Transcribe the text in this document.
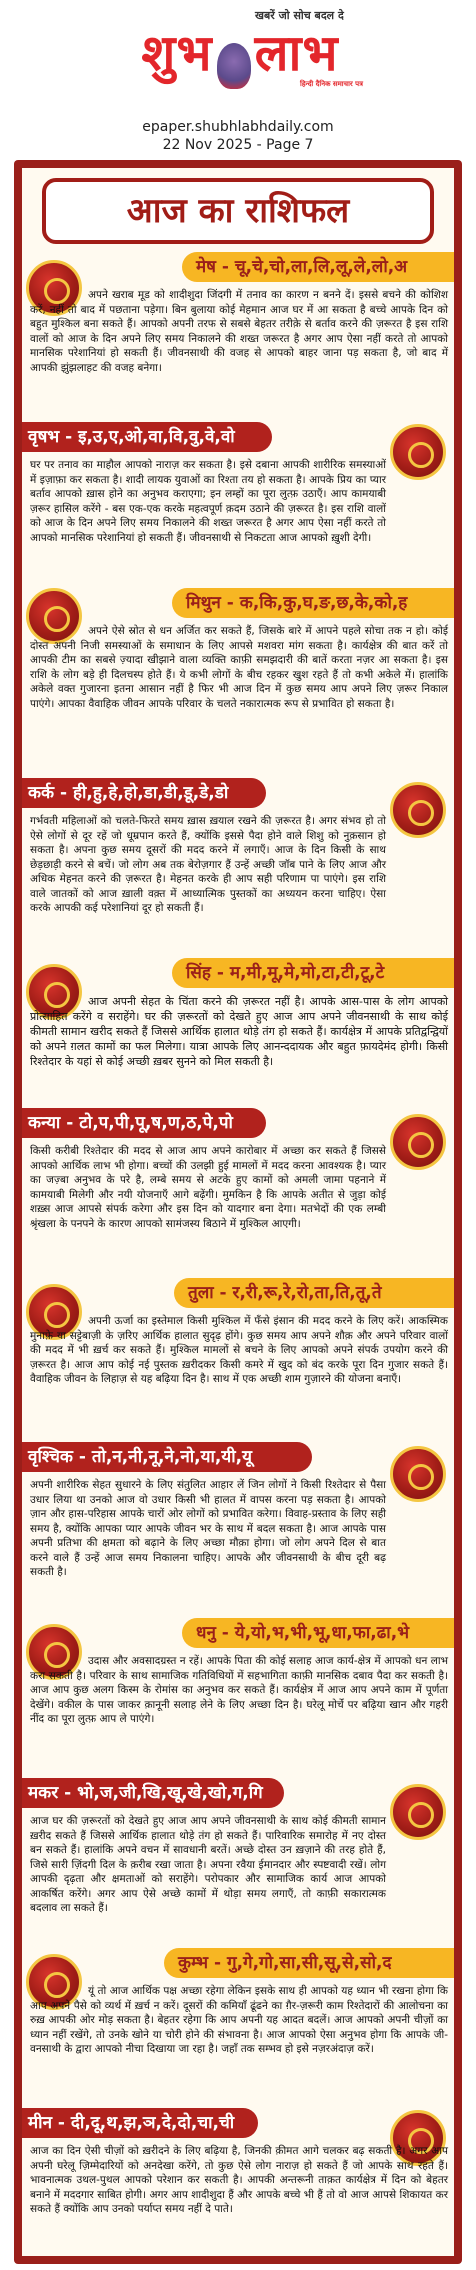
खबरें जो सोच बदल दे
शुभ लाभ
हिन्दी दैनिक समाचार पत्र
epaper.shubhlabhdaily.com
22 Nov 2025 - Page 7
आज का राशिफल
मेष - चू,चे,चो,ला,लि,लू,ले,लो,अ
अपने खराब मूड को शादीशुदा जिंदगी में तनाव का कारण न बनने दें। इससे बचने की कोशिश करें, नहीं तो बाद में पछताना पड़ेगा। बिन बुलाया कोई मेहमान आज घर में आ सकता है बच्चे आपके दिन को बहुत मुश्किल बना सकते हैं। आपको अपनी तरफ से सबसे बेहतर तरीक़े से बर्ताव करने की ज़रूरत है इस राशि वालों को आज के दिन अपने लिए समय निकालने की शख्त जरूरत है अगर आप ऐसा नहीं करते तो आपको मानसिक परेशानियां हो सकती हैं। जीवनसाथी की वजह से आपको बाहर जाना पड़ सकता है, जो बाद में आपकी झुंझलाहट की वजह बनेगा।
वृषभ - इ,उ,ए,ओ,वा,वि,वु,वे,वो
घर पर तनाव का माहौल आपको नाराज़ कर सकता है। इसे दबाना आपकी शारीरिक समस्याओं में इज़ाफ़ा कर सकता है। शादी लायक युवाओं का रिश्ता तय हो सकता है। आपके प्रिय का प्यार बर्ताव आपको ख़ास होने का अनुभव कराएगा; इन लम्हों का पूरा लुत्फ़ उठाएँ। आप कामयाबी ज़रूर हासिल करेंगे - बस एक-एक करके महत्वपूर्ण क़दम उठाने की ज़रूरत है। इस राशि वालों को आज के दिन अपने लिए समय निकालने की शख्त जरूरत है अगर आप ऐसा नहीं करते तो आपको मानसिक परेशानियां हो सकती हैं। जीवनसाथी से निकटता आज आपको ख़ुशी देगी।
मिथुन - क,कि,कु,घ,ङ,छ,के,को,ह
अपने ऐसे स्रोत से धन अर्जित कर सकते हैं, जिसके बारे में आपने पहले सोचा तक न हो। कोई दोस्त अपनी निजी समस्याओं के समाधान के लिए आपसे मशवरा मांग सकता है। कार्यक्षेत्र की बात करें तो आपकी टीम का सबसे ज़्यादा खीझाने वाला व्यक्ति काफ़ी समझदारी की बातें करता नज़र आ सकता है। इस राशि के लोग बड़े ही दिलचस्प होते हैं। ये कभी लोगों के बीच रहकर खुश रहते हैं तो कभी अकेले में। हालांकि अकेले वक्त गुजारना इतना आसान नहीं है फिर भी आज दिन में कुछ समय आप अपने लिए ज़रूर निकाल पाएंगे। आपका वैवाहिक जीवन आपके परिवार के चलते नकारात्मक रूप से प्रभावित हो सकता है।
कर्क - ही,हु,हे,हो,डा,डी,डू,डे,डो
गर्भवती महिलाओं को चलते-फिरते समय ख़ास ख़याल रखने की ज़रूरत है। अगर संभव हो तो ऐसे लोगों से दूर रहें जो धूम्रपान करते हैं, क्योंकि इससे पैदा होने वाले शिशु को नुक़सान हो सकता है। अपना कुछ समय दूसरों की मदद करने में लगाएँ। आज के दिन किसी के साथ छेड़छाड़ी करने से बचें। जो लोग अब तक बेरोज़गार हैं उन्हें अच्छी जॉब पाने के लिए आज और अधिक मेहनत करने की ज़रूरत है। मेहनत करके ही आप सही परिणाम पा पाएंगे। इस राशि वाले जातकों को आज ख़ाली वक़्त में आध्यात्मिक पुस्तकों का अध्ययन करना चाहिए। ऐसा करके आपकी कई परेशानियां दूर हो सकती हैं।
सिंह - म,मी,मू,मे,मो,टा,टी,टू,टे
आज अपनी सेहत के चिंता करने की ज़रूरत नहीं है। आपके आस-पास के लोग आपको प्रोत्साहित करेंगे व सराहेंगे। घर की ज़रूरतों को देखते हुए आज आप अपने जीवनसाथी के साथ कोई कीमती सामान खरीद सकते हैं जिससे आर्थिक हालात थोड़े तंग हो सकते हैं। कार्यक्षेत्र में आपके प्रतिद्वन्द्वियों को अपने ग़लत कामों का फल मिलेगा। यात्रा आपके लिए आनन्ददायक और बहुत फ़ायदेमंद होगी। किसी रिश्तेदार के यहां से कोई अच्छी ख़बर सुनने को मिल सकती है।
कन्या - टो,प,पी,पू,ष,ण,ठ,पे,पो
किसी करीबी रिश्तेदार की मदद से आज आप अपने कारोबार में अच्छा कर सकते हैं जिससे आपको आर्थिक लाभ भी होगा। बच्चों की उलझी हुई मामलों में मदद करना आवश्यक है। प्यार का जज़्बा अनुभव के परे है, लम्बे समय से अटके हुए कामों को अमली जामा पहनाने में कामयाबी मिलेगी और नयी योजनाएँ आगे बढ़ेंगी। मुमकिन है कि आपके अतीत से जुड़ा कोई शख़्स आज आपसे संपर्क करेगा और इस दिन को यादगार बना देगा। मतभेदों की एक लम्बी श्रृंखला के पनपने के कारण आपको सामंजस्य बिठाने में मुश्किल आएगी।
तुला - र,री,रू,रे,रो,ता,ति,तू,ते
अपनी ऊर्जा का इस्तेमाल किसी मुश्किल में फँसे इंसान की मदद करने के लिए करें। आकस्मिक मुनाफ़े या सट्टेबाज़ी के ज़रिए आर्थिक हालात सुदृढ़ होंगे। कुछ समय आप अपने शौक़ और अपने परिवार वालों की मदद में भी ख़र्च कर सकते हैं। मुश्किल मामलों से बचने के लिए आपको अपने संपर्क उपयोग करने की ज़रूरत है। आज आप कोई नई पुस्तक ख़रीदकर किसी कमरे में खुद को बंद करके पूरा दिन गुजार सकते हैं। वैवाहिक जीवन के लिहाज़ से यह बढ़िया दिन है। साथ में एक अच्छी शाम गुज़ारने की योजना बनाएँ।
वृश्चिक - तो,न,नी,नू,ने,नो,या,यी,यू
अपनी शारीरिक सेहत सुधारने के लिए संतुलित आहार लें जिन लोगों ने किसी रिश्तेदार से पैसा उधार लिया था उनको आज वो उधार किसी भी हालत में वापस करना पड़ सकता है। आपको ज़ान और हास-परिहास आपके चारों ओर लोगों को प्रभावित करेगा। विवाह-प्रस्ताव के लिए सही समय है, क्योंकि आपका प्यार आपके जीवन भर के साथ में बदल सकता है। आज आपके पास अपनी प्रतिभा की क्षमता को बढ़ाने के लिए अच्छा मौक़ा होगा। जो लोग अपने दिल से बात करने वाले हैं उन्हें आज समय निकालना चाहिए। आपके और जीवनसाथी के बीच दूरी बढ़ सकती है।
धनु - ये,यो,भ,भी,भू,धा,फा,ढा,भे
उदास और अवसादग्रस्त न रहें। आपके पिता की कोई सलाह आज कार्य-क्षेत्र में आपको धन लाभ करा सकती है। परिवार के साथ सामाजिक गतिविधियों में सहभागिता काफ़ी मानसिक दबाव पैदा कर सकती है। आज आप कुछ अलग किस्म के रोमांस का अनुभव कर सकते हैं। कार्यक्षेत्र में आज आप अपने काम में पूर्णता देखेंगे। वकील के पास जाकर क़ानूनी सलाह लेने के लिए अच्छा दिन है। घरेलू मोर्चे पर बढ़िया खान और गहरी नींद का पूरा लुत्फ़ आप ले पाएंगे।
मकर - भो,ज,जी,खि,खू,खे,खो,ग,गि
आज घर की ज़रूरतों को देखते हुए आज आप अपने जीवनसाथी के साथ कोई कीमती सामान ख़रीद सकते हैं जिससे आर्थिक हालात थोड़े तंग हो सकते हैं। पारिवारिक समारोह में नए दोस्त बन सकते हैं। हालांकि अपने वचन में सावधानी बरतें। अच्छे दोस्त उन ख़ज़ाने की तरह होते हैं, जिसे सारी ज़िंदगी दिल के क़रीब रखा जाता है। अपना रवैया ईमानदार और स्पष्टवादी रखें। लोग आपकी दृढ़ता और क्षमताओं को सराहेंगे। परोपकार और सामाजिक कार्य आज आपको आकर्षित करेंगे। अगर आप ऐसे अच्छे कामों में थोड़ा समय लगाएँ, तो काफ़ी सकारात्मक बदलाव ला सकते हैं।
कुम्भ - गु,गे,गो,सा,सी,सू,से,सो,द
यूं तो आज आर्थिक पक्ष अच्छा रहेगा लेकिन इसके साथ ही आपको यह ध्यान भी रखना होगा कि आप अपने पैसे को व्यर्थ में ख़र्च न करें। दूसरों की कमियाँ ढूंढने का ग़ैर-ज़रूरी काम रिश्तेदारों की आलोचना का रुख़ आपकी ओर मोड़ सकता है। बेहतर रहेगा कि आप अपनी यह आदत बदलें। आज आपको अपनी चीज़ों का ध्यान नहीं रखेंगे, तो उनके खोने या चोरी होने की संभावना है। आज आपको ऐसा अनुभव होगा कि आपके जी-वनसाथी के द्वारा आपको नीचा दिखाया जा रहा है। जहाँ तक सम्भव हो इसे नज़रअंदाज़ करें।
मीन - दी,दू,थ,झ,ञ,दे,दो,चा,ची
आज का दिन ऐसी चीज़ों को ख़रीदने के लिए बढ़िया है, जिनकी क़ीमत आगे चलकर बढ़ सकती है। अगर आप अपनी घरेलू ज़िम्मेदारियों को अनदेखा करेंगे, तो कुछ ऐसे लोग नाराज़ हो सकते हैं जो आपके साथ रहते हैं। भावनात्मक उथल-पुथल आपको परेशान कर सकती है। आपकी अन्तरूनी ताक़त कार्यक्षेत्र में दिन को बेहतर बनाने में मददगार साबित होगी। अगर आप शादीशुदा हैं और आपके बच्चे भी हैं तो वो आज आपसे शिकायत कर सकते हैं क्योंकि आप उनको पर्याप्त समय नहीं दे पाते।
